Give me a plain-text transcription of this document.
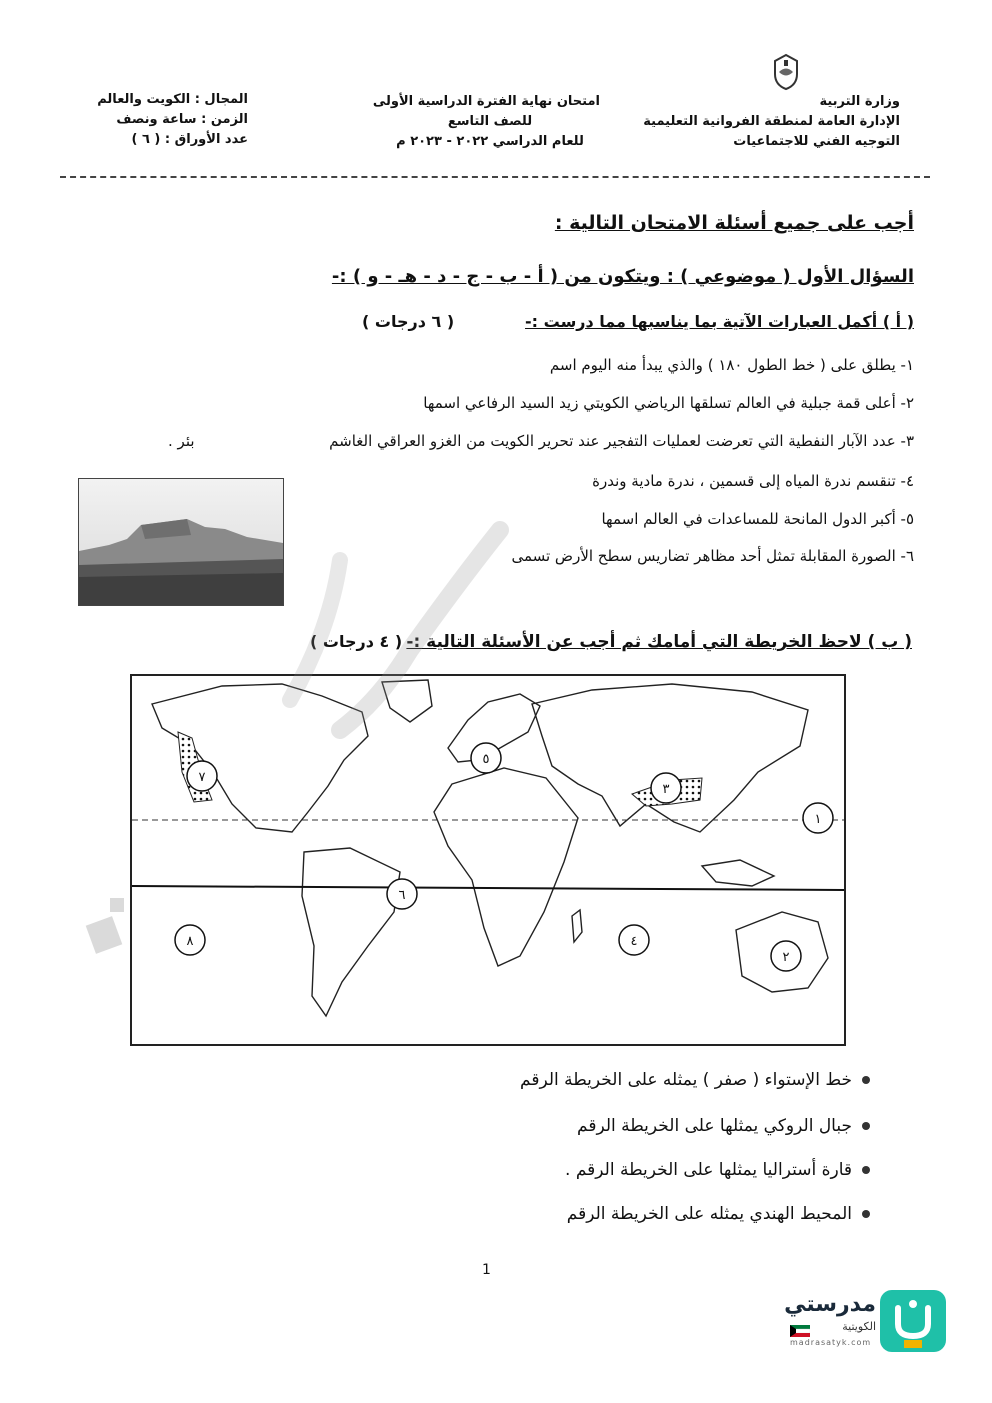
وزارة التربية
الإدارة العامة لمنطقة الفروانية التعليمية
التوجيه الفني للاجتماعيات
امتحان نهاية الفترة الدراسية الأولى
للصف التاسع
للعام الدراسي ٢٠٢٢ - ٢٠٢٣ م
المجال : الكويت والعالم
الزمن : ساعة ونصف
عدد الأوراق : ( ٦ )
أجب على جميع أسئلة الامتحان التالية :
السؤال الأول ( موضوعي ) : ويتكون من ( أ - ب - ج - د - هـ - و ) :-
( أ ) أكمل العبارات الآتية بما يناسبها مما درست :-
( ٦ درجات )
١- يطلق على ( خط الطول ١٨٠ ) والذي يبدأ منه اليوم اسم
٢- أعلى قمة جبلية في العالم تسلقها الرياضي الكويتي زيد السيد الرفاعي اسمها
٣- عدد الآبار النفطية التي تعرضت لعمليات التفجير عند تحرير الكويت من الغزو العراقي الغاشم
بئر .
٤- تنقسم ندرة المياه إلى قسمين ، ندرة مادية وندرة
٥- أكبر الدول المانحة للمساعدات في العالم اسمها
٦- الصورة المقابلة تمثل أحد مظاهر تضاريس سطح الأرض تسمى
( ب ) لاحظ الخريطة التي أمامك ثم أجب عن الأسئلة التالية :-
( ٤ درجات )
١
٢
٣
٤
٥
٦
٧
٨
خط الإستواء ( صفر ) يمثله على الخريطة الرقم
جبال الروكي يمثلها على الخريطة الرقم
قارة أستراليا يمثلها على الخريطة الرقم .
المحيط الهندي يمثله على الخريطة الرقم
1
مدرستي
الكويتية
madrasatyk.com
